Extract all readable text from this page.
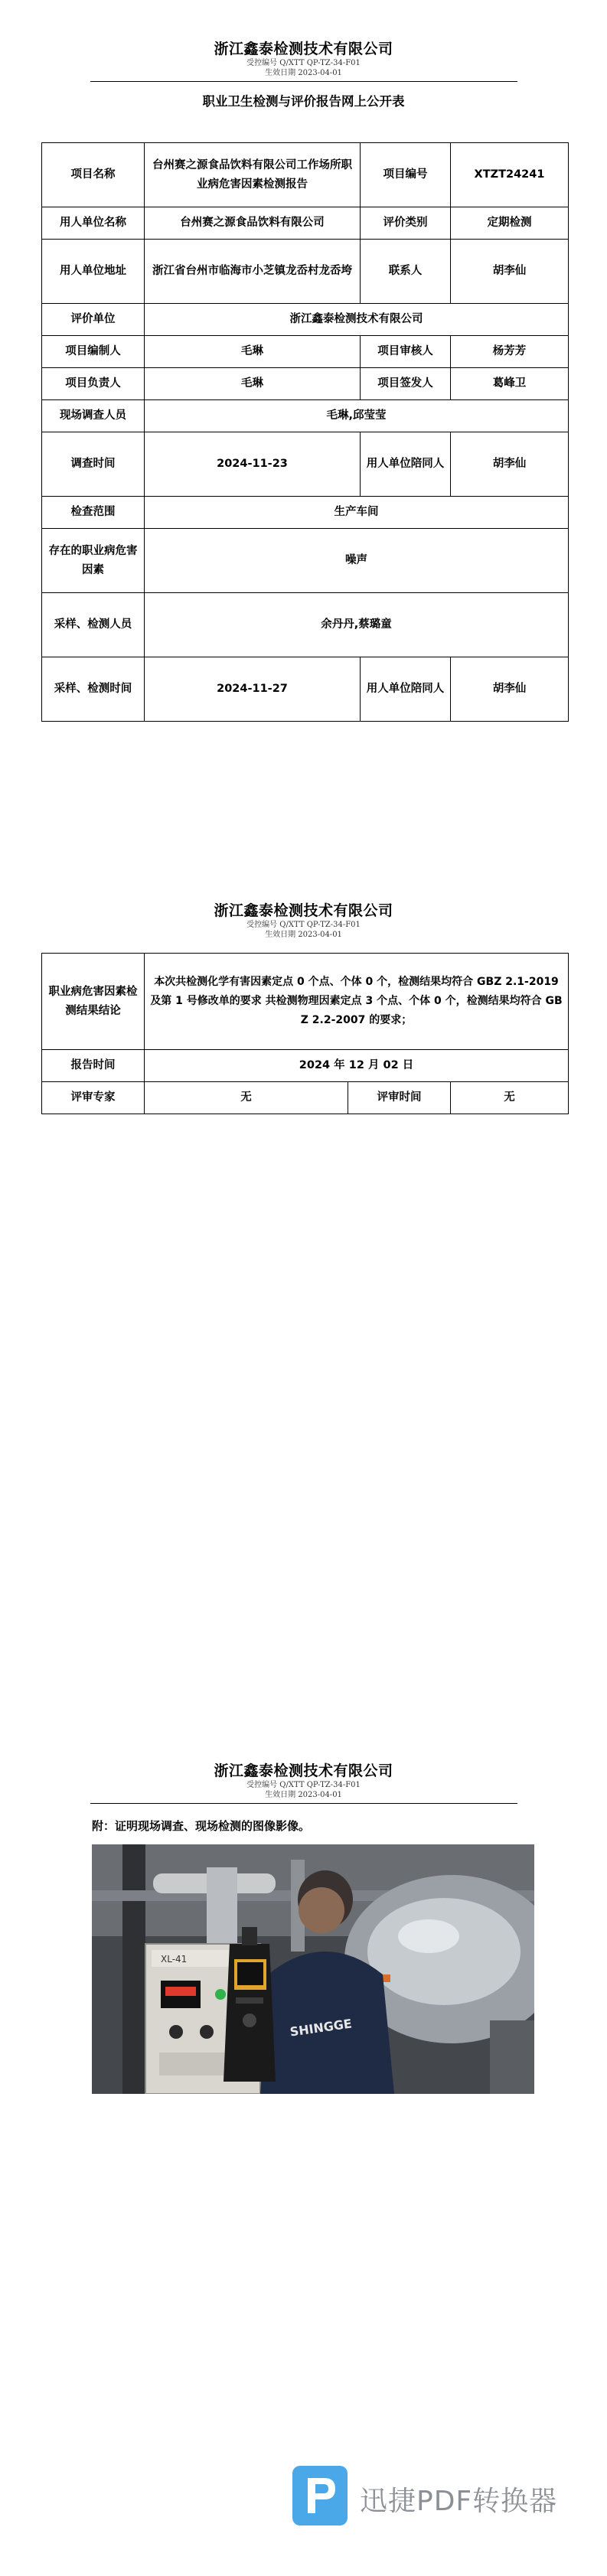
浙江鑫泰检测技术有限公司
受控编号 Q/XTT QP-TZ-34-F01
生效日期 2023-04-01
职业卫生检测与评价报告网上公开表
项目名称	台州赛之源食品饮料有限公司工作场所职业病危害因素检测报告	项目编号	XTZT24241
用人单位名称	台州赛之源食品饮料有限公司	评价类别	定期检测
用人单位地址	浙江省台州市临海市小芝镇龙岙村龙岙垮	联系人	胡李仙
评价单位	浙江鑫泰检测技术有限公司		
项目编制人	毛琳	项目审核人	杨芳芳
项目负责人	毛琳	项目签发人	葛峰卫
现场调查人员	毛琳,邱莹莹		
调查时间	2024-11-23	用人单位陪同人	胡李仙
检查范围	生产车间		
存在的职业病危害因素	噪声		
采样、检测人员	余丹丹,蔡璐童		
采样、检测时间	2024-11-27	用人单位陪同人	胡李仙
浙江鑫泰检测技术有限公司
受控编号 Q/XTT QP-TZ-34-F01
生效日期 2023-04-01
职业病危害因素检测结果结论	本次共检测化学有害因素定点 0 个点、个体 0 个，检测结果均符合 GBZ 2.1-2019 及第 1 号修改单的要求 共检测物理因素定点 3 个点、个体 0 个，检测结果均符合 GBZ 2.2-2007 的要求；		
报告时间	2024 年 12 月 02 日		
评审专家	无	评审时间	无
浙江鑫泰检测技术有限公司
受控编号 Q/XTT QP-TZ-34-F01
生效日期 2023-04-01
附：证明现场调查、现场检测的图像影像。
XL-41
SHINGGE
迅捷PDF转换器
